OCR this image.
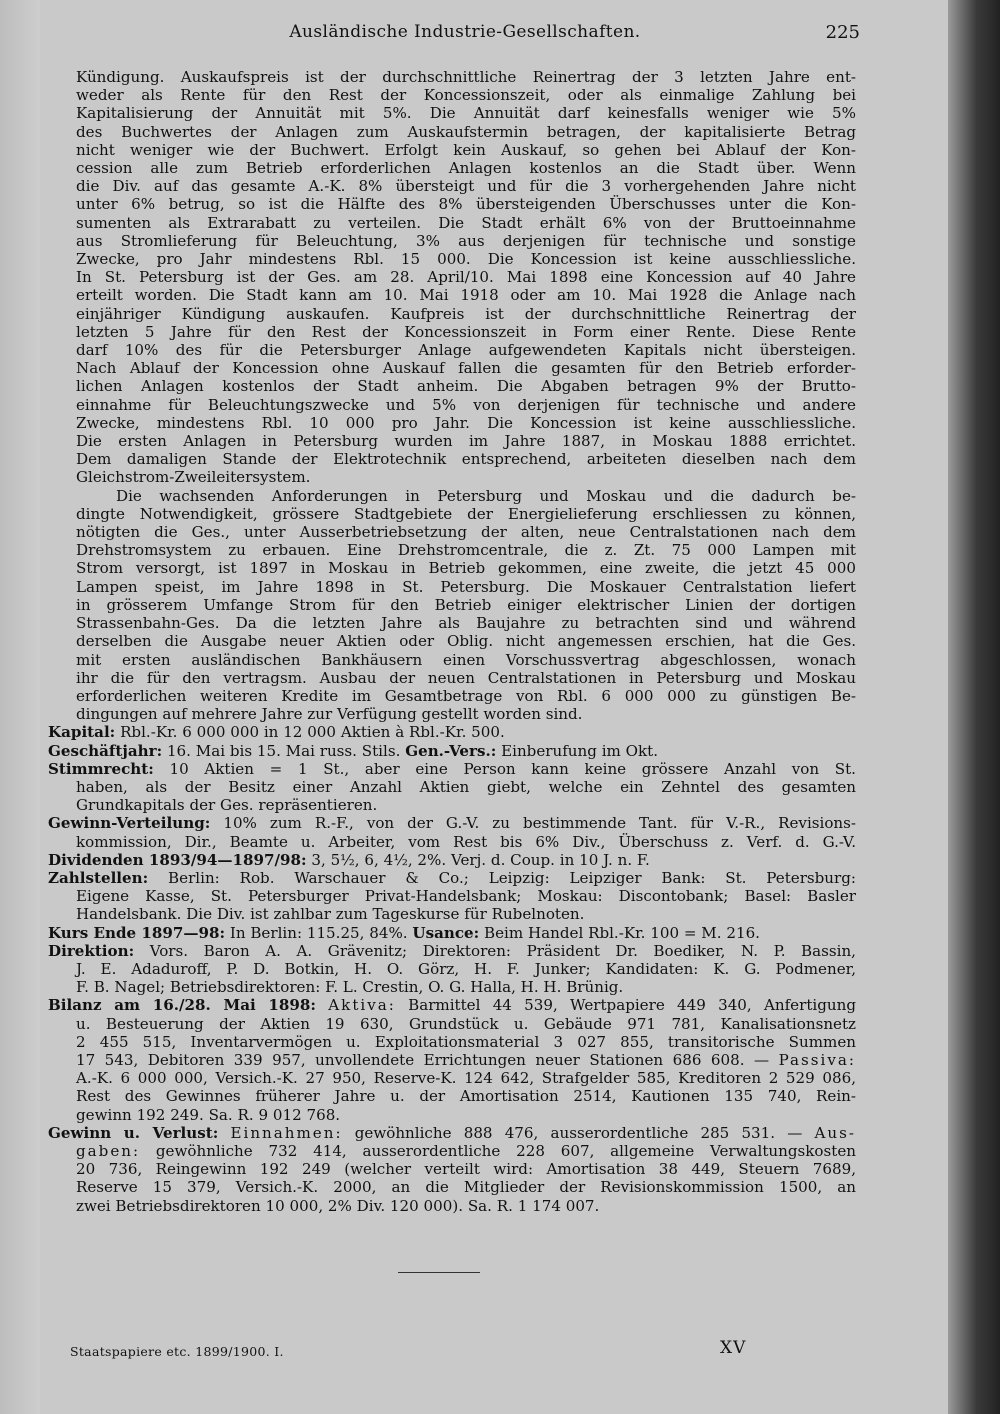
Ausländische Industrie-Gesellschaften.	225
Kündigung. Auskaufspreis ist der durchschnittliche Reinertrag der 3 letzten Jahre ent-
weder als Rente für den Rest der Koncessionszeit, oder als einmalige Zahlung bei
Kapitalisierung der Annuität mit 5%. Die Annuität darf keinesfalls weniger wie 5%
des Buchwertes der Anlagen zum Auskaufstermin betragen, der kapitalisierte Betrag
nicht weniger wie der Buchwert. Erfolgt kein Auskauf, so gehen bei Ablauf der Kon-
cession alle zum Betrieb erforderlichen Anlagen kostenlos an die Stadt über. Wenn
die Div. auf das gesamte A.-K. 8% übersteigt und für die 3 vorhergehenden Jahre nicht
unter 6% betrug, so ist die Hälfte des 8% übersteigenden Überschusses unter die Kon-
sumenten als Extrarabatt zu verteilen. Die Stadt erhält 6% von der Bruttoeinnahme
aus Stromlieferung für Beleuchtung, 3% aus derjenigen für technische und sonstige
Zwecke, pro Jahr mindestens Rbl. 15 000. Die Koncession ist keine ausschliessliche.
In St. Petersburg ist der Ges. am 28. April/10. Mai 1898 eine Koncession auf 40 Jahre
erteilt worden. Die Stadt kann am 10. Mai 1918 oder am 10. Mai 1928 die Anlage nach
einjähriger Kündigung auskaufen. Kaufpreis ist der durchschnittliche Reinertrag der
letzten 5 Jahre für den Rest der Koncessionszeit in Form einer Rente. Diese Rente
darf 10% des für die Petersburger Anlage aufgewendeten Kapitals nicht übersteigen.
Nach Ablauf der Koncession ohne Auskauf fallen die gesamten für den Betrieb erforder-
lichen Anlagen kostenlos der Stadt anheim. Die Abgaben betragen 9% der Brutto-
einnahme für Beleuchtungszwecke und 5% von derjenigen für technische und andere
Zwecke, mindestens Rbl. 10 000 pro Jahr. Die Koncession ist keine ausschliessliche.
Die ersten Anlagen in Petersburg wurden im Jahre 1887, in Moskau 1888 errichtet.
Dem damaligen Stande der Elektrotechnik entsprechend, arbeiteten dieselben nach dem
Gleichstrom-Zweileitersystem.
Die wachsenden Anforderungen in Petersburg und Moskau und die dadurch be-
dingte Notwendigkeit, grössere Stadtgebiete der Energielieferung erschliessen zu können,
nötigten die Ges., unter Ausserbetriebsetzung der alten, neue Centralstationen nach dem
Drehstromsystem zu erbauen. Eine Drehstromcentrale, die z. Zt. 75 000 Lampen mit
Strom versorgt, ist 1897 in Moskau in Betrieb gekommen, eine zweite, die jetzt 45 000
Lampen speist, im Jahre 1898 in St. Petersburg. Die Moskauer Centralstation liefert
in grösserem Umfange Strom für den Betrieb einiger elektrischer Linien der dortigen
Strassenbahn-Ges. Da die letzten Jahre als Baujahre zu betrachten sind und während
derselben die Ausgabe neuer Aktien oder Oblig. nicht angemessen erschien, hat die Ges.
mit ersten ausländischen Bankhäusern einen Vorschussvertrag abgeschlossen, wonach
ihr die für den vertragsm. Ausbau der neuen Centralstationen in Petersburg und Moskau
erforderlichen weiteren Kredite im Gesamtbetrage von Rbl. 6 000 000 zu günstigen Be-
dingungen auf mehrere Jahre zur Verfügung gestellt worden sind.
Kapital: Rbl.-Kr. 6 000 000 in 12 000 Aktien à Rbl.-Kr. 500.
Geschäftjahr: 16. Mai bis 15. Mai russ. Stils. Gen.-Vers.: Einberufung im Okt.
Stimmrecht: 10 Aktien = 1 St., aber eine Person kann keine grössere Anzahl von St.
haben, als der Besitz einer Anzahl Aktien giebt, welche ein Zehntel des gesamten
Grundkapitals der Ges. repräsentieren.
Gewinn-Verteilung: 10% zum R.-F., von der G.-V. zu bestimmende Tant. für V.-R., Revisions-
kommission, Dir., Beamte u. Arbeiter, vom Rest bis 6% Div., Überschuss z. Verf. d. G.-V.
Dividenden 1893/94—1897/98: 3, 5½, 6, 4½, 2%. Verj. d. Coup. in 10 J. n. F.
Zahlstellen: Berlin: Rob. Warschauer & Co.; Leipzig: Leipziger Bank: St. Petersburg:
Eigene Kasse, St. Petersburger Privat-Handelsbank; Moskau: Discontobank; Basel: Basler
Handelsbank. Die Div. ist zahlbar zum Tageskurse für Rubelnoten.
Kurs Ende 1897—98: In Berlin: 115.25, 84%. Usance: Beim Handel Rbl.-Kr. 100 = M. 216.
Direktion: Vors. Baron A. A. Grävenitz; Direktoren: Präsident Dr. Boediker, N. P. Bassin,
J. E. Adaduroff, P. D. Botkin, H. O. Görz, H. F. Junker; Kandidaten: K. G. Podmener,
F. B. Nagel; Betriebsdirektoren: F. L. Crestin, O. G. Halla, H. H. Brünig.
Bilanz am 16./28. Mai 1898: Aktiva: Barmittel 44 539, Wertpapiere 449 340, Anfertigung
u. Besteuerung der Aktien 19 630, Grundstück u. Gebäude 971 781, Kanalisationsnetz
2 455 515, Inventarvermögen u. Exploitationsmaterial 3 027 855, transitorische Summen
17 543, Debitoren 339 957, unvollendete Errichtungen neuer Stationen 686 608. — Passiva:
A.-K. 6 000 000, Versich.-K. 27 950, Reserve-K. 124 642, Strafgelder 585, Kreditoren 2 529 086,
Rest des Gewinnes früherer Jahre u. der Amortisation 2514, Kautionen 135 740, Rein-
gewinn 192 249. Sa. R. 9 012 768.
Gewinn u. Verlust: Einnahmen: gewöhnliche 888 476, ausserordentliche 285 531. — Aus-
gaben: gewöhnliche 732 414, ausserordentliche 228 607, allgemeine Verwaltungskosten
20 736, Reingewinn 192 249 (welcher verteilt wird: Amortisation 38 449, Steuern 7689,
Reserve 15 379, Versich.-K. 2000, an die Mitglieder der Revisionskommission 1500, an
zwei Betriebsdirektoren 10 000, 2% Div. 120 000). Sa. R. 1 174 007.
Staatspapiere etc. 1899/1900. I.	XV
